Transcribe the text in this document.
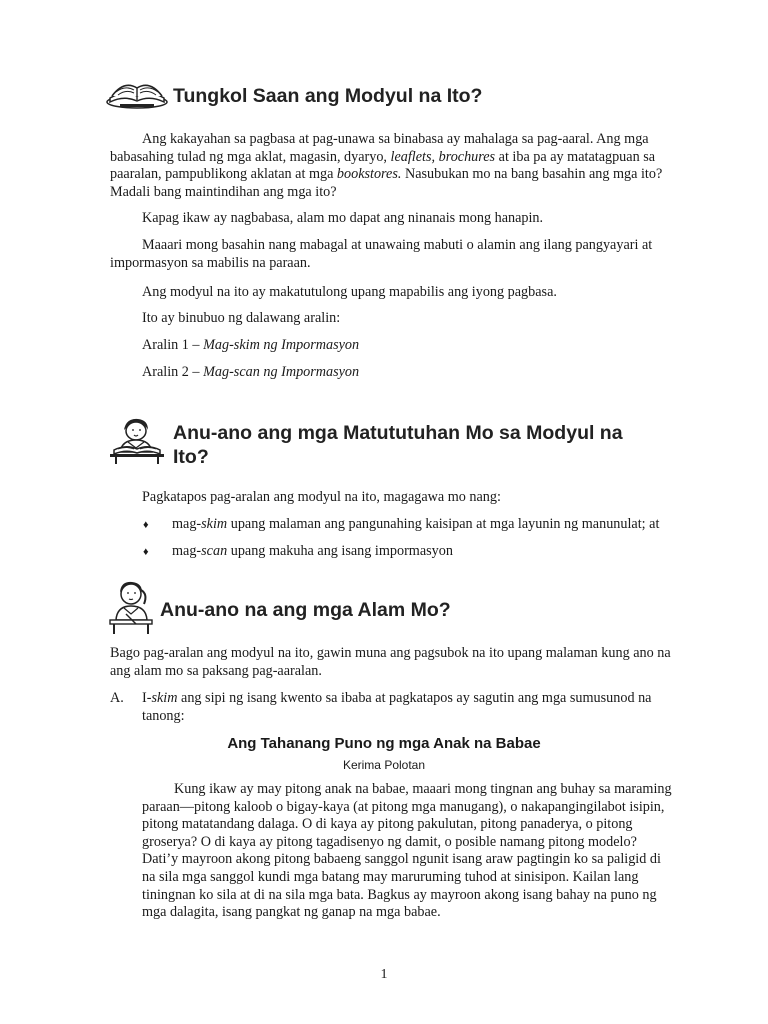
Tungkol Saan ang Modyul na Ito?

Ang kakayahan sa pagbasa at pag-unawa sa binabasa ay mahalaga sa pag-aaral. Ang mga babasahing tulad ng mga aklat, magasin, dyaryo, leaflets, brochures at iba pa ay matatagpuan sa paaralan, pampublikong aklatan at mga bookstores. Nasubukan mo na bang basahin ang mga ito? Madali bang maintindihan ang mga ito?

Kapag ikaw ay nagbabasa, alam mo dapat ang ninanais mong hanapin.

Maaari mong basahin nang mabagal at unawaing mabuti o alamin ang ilang pangyayari at impormasyon sa mabilis na paraan.

Ang modyul na ito ay makatutulong upang mapabilis ang iyong pagbasa.

Ito ay binubuo ng dalawang aralin:

Aralin 1 – Mag-skim ng Impormasyon

Aralin 2 – Mag-scan ng Impormasyon

Anu-ano ang mga Matututuhan Mo sa Modyul na
Ito?

Pagkatapos pag-aralan ang modyul na ito, magagawa mo nang:

♦ mag-skim upang malaman ang pangunahing kaisipan at mga layunin ng manunulat; at

♦ mag-scan upang makuha ang isang impormasyon

Anu-ano na ang mga Alam Mo?

Bago pag-aralan ang modyul na ito, gawin muna ang pagsubok na ito upang malaman kung ano na ang alam mo sa paksang pag-aaralan.

A. I-skim ang sipi ng isang kwento sa ibaba at pagkatapos ay sagutin ang mga sumusunod na tanong:

Ang Tahanang Puno ng mga Anak na Babae
Kerima Polotan

Kung ikaw ay may pitong anak na babae, maaari mong tingnan ang buhay sa maraming paraan—pitong kaloob o bigay-kaya (at pitong mga manugang), o nakapangingilabot isipin, pitong matatandang dalaga. O di kaya ay pitong pakulutan, pitong panaderya, o pitong groserya? O di kaya ay pitong tagadisenyo ng damit, o posible namang pitong modelo? Dati’y mayroon akong pitong babaeng sanggol ngunit isang araw pagtingin ko sa paligid di na sila mga sanggol kundi mga batang may maruruming tuhod at sinisipon. Kailan lang tiningnan ko sila at di na sila mga bata. Bagkus ay mayroon akong isang bahay na puno ng mga dalagita, isang pangkat ng ganap na mga babae.

1
